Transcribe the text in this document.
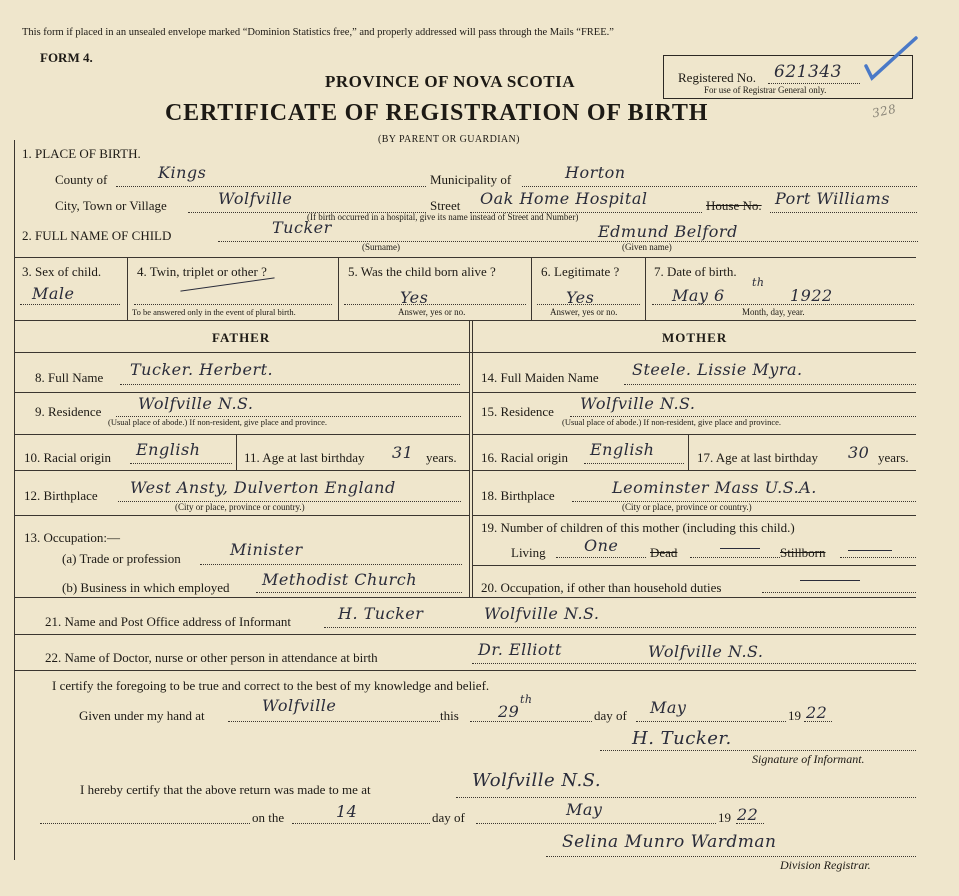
This form if placed in an unsealed envelope marked “Dominion Statistics free,” and properly addressed will pass through the Mails “FREE.”
FORM 4.
PROVINCE OF NOVA SCOTIA
CERTIFICATE OF REGISTRATION OF BIRTH
(BY PARENT OR GUARDIAN)
Registered No. 621343
For use of Registrar General only.
328
1. PLACE OF BIRTH.
County of	Kings	Municipality of	Horton
City, Town or Village	Wolfville	Street Oak Home Hospital	House No. Port Williams
(If birth occurred in a hospital, give its name instead of Street and Number)
2. FULL NAME OF CHILD	Tucker	Edmund Belford
(Surname)	(Given name)
3. Sex of child.
Male
4. Twin, triplet or other ?
To be answered only in the event of plural birth.
5. Was the child born alive ?
Yes
Answer, yes or no.
6. Legitimate ?
Yes
Answer, yes or no.
7. Date of birth.
May 6
th
1922
Month, day, year.
FATHER	MOTHER
8. Full Name Tucker. Herbert.
9. Residence Wolfville N.S.
(Usual place of abode.) If non-resident, give place and province.
10. Racial origin English	11. Age at last birthday 31 years.
12. Birthplace West Ansty, Dulverton England
(City or place, province or country.)
13. Occupation:—
(a) Trade or profession	Minister
(b) Business in which employed Methodist Church
14. Full Maiden Name Steele. Lissie Myra.
15. Residence Wolfville N.S.
(Usual place of abode.) If non-resident, give place and province.
16. Racial origin English	17. Age at last birthday 30 years.
18. Birthplace	Leominster Mass U.S.A.
(City or place, province or country.)
19. Number of children of this mother (including this child.)
Living One Dead	Stillborn
20. Occupation, if other than household duties
21. Name and Post Office address of Informant	H. Tucker	Wolfville N.S.
22. Name of Doctor, nurse or other person in attendance at birth	Dr. Elliott	Wolfville N.S.
I certify the foregoing to be true and correct to the best of my knowledge and belief.
Given under my hand at
Wolfville
this 29
th
day of May	19 22
H. Tucker.
Signature of Informant.
I hereby certify that the above return was made to me at	Wolfville N.S.
on the	14	day of	May	19 22
Selina Munro Wardman
Division Registrar.
